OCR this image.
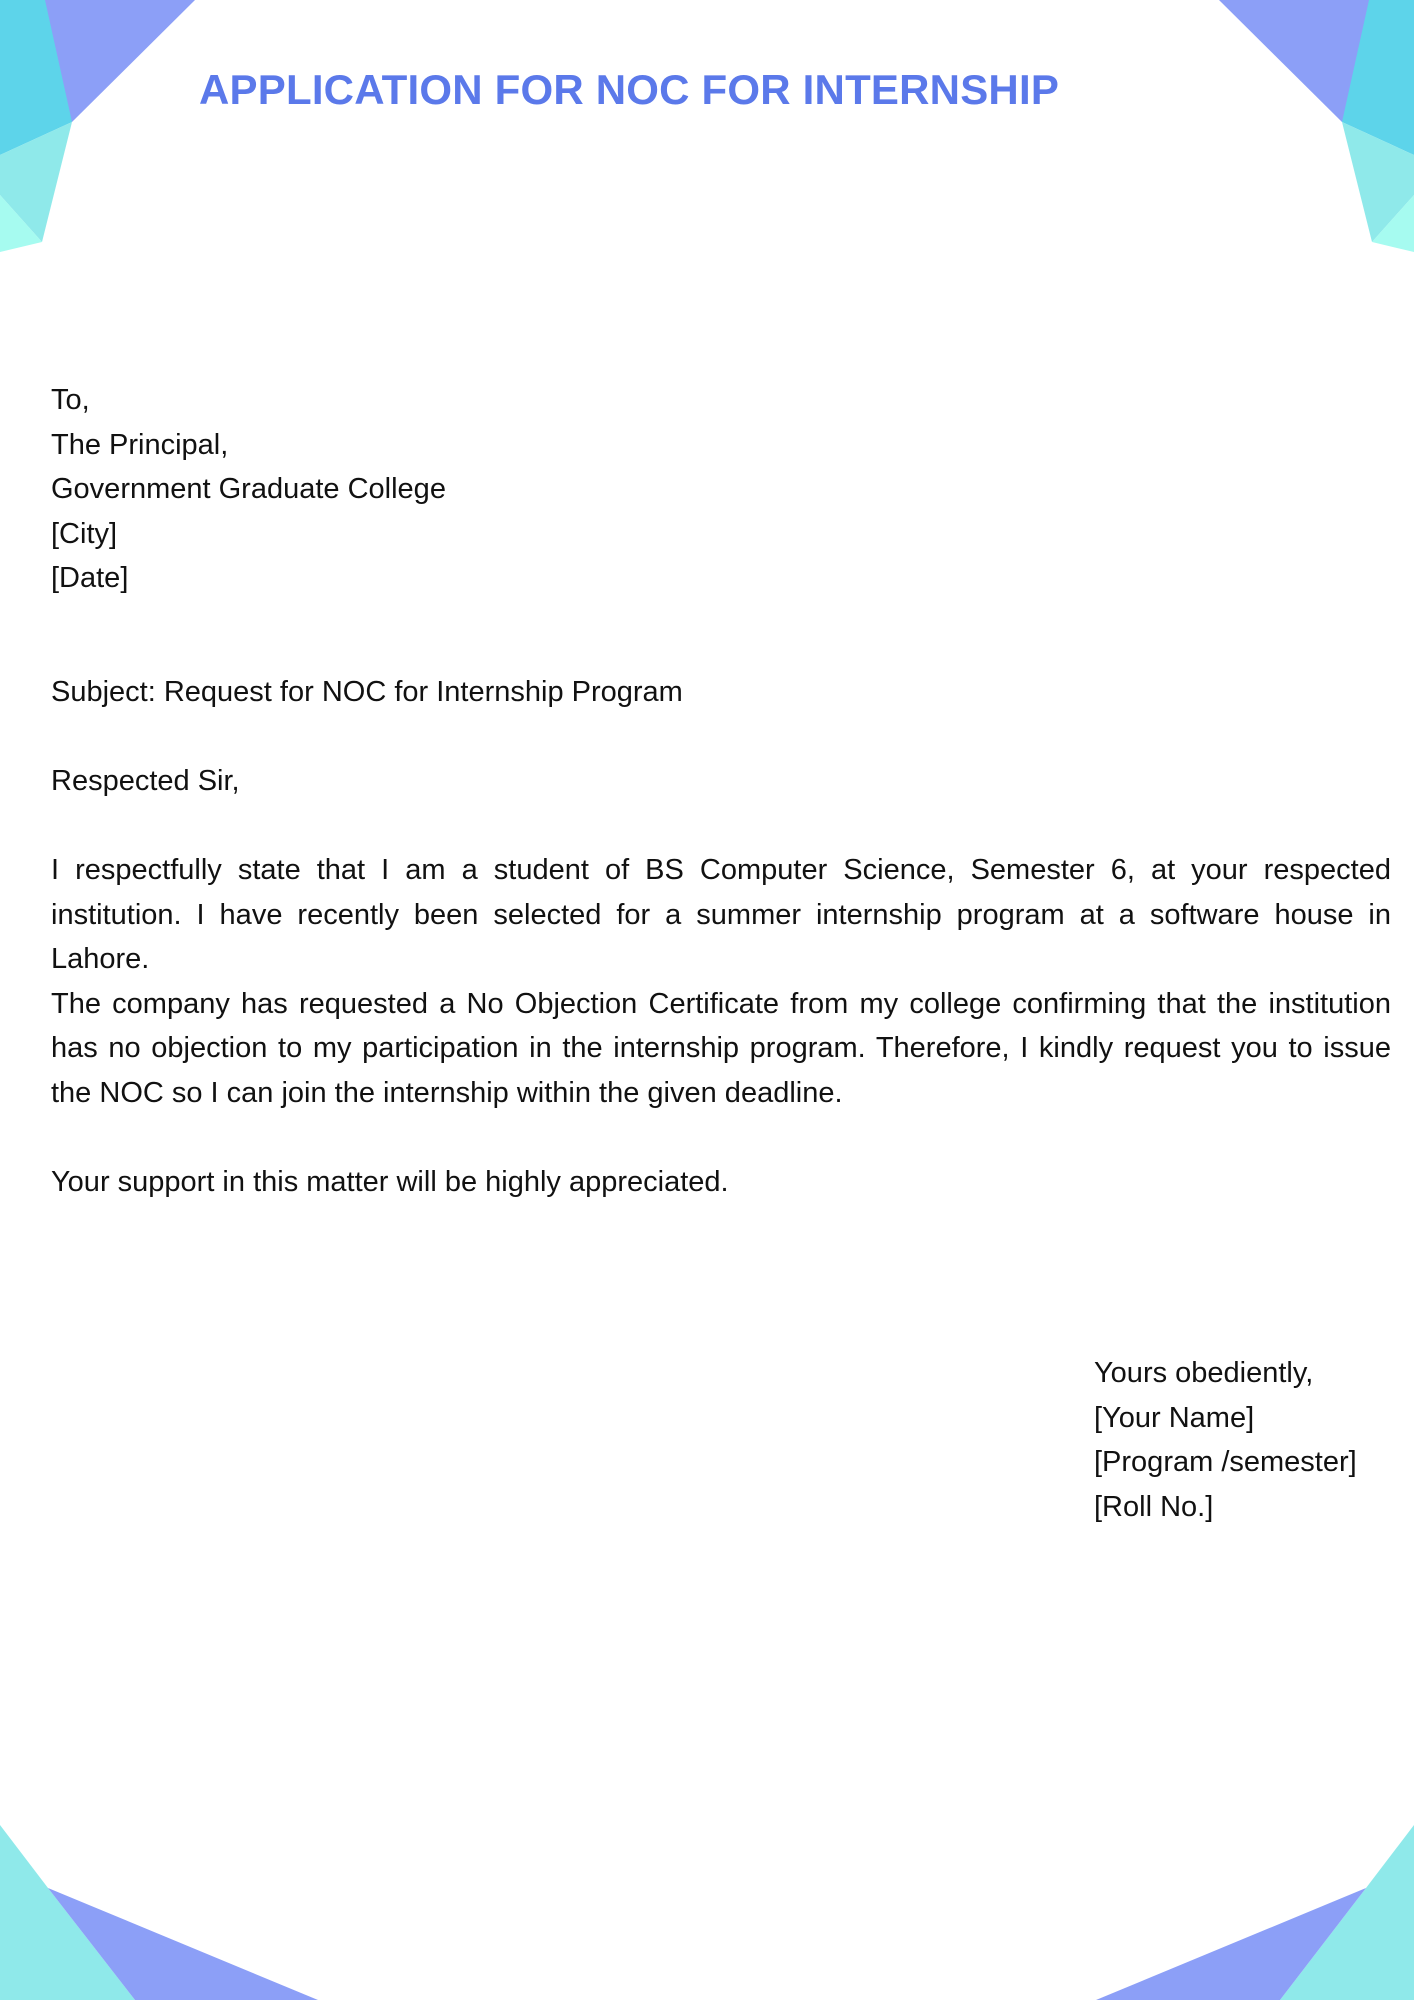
APPLICATION FOR NOC FOR INTERNSHIP
To,
The Principal,
Government Graduate College
[City]
[Date]
Subject: Request for NOC for Internship Program
Respected Sir,

I respectfully state that I am a student of BS Computer Science, Semester 6, at your respected institution. I have recently been selected for a summer internship program at a software house in Lahore.

The company has requested a No Objection Certificate from my college confirming that the institution has no objection to my participation in the internship program. Therefore, I kindly request you to issue the NOC so I can join the internship within the given deadline.

Your support in this matter will be highly appreciated.
Yours obediently,
[Your Name]
[Program /semester]
[Roll No.]
